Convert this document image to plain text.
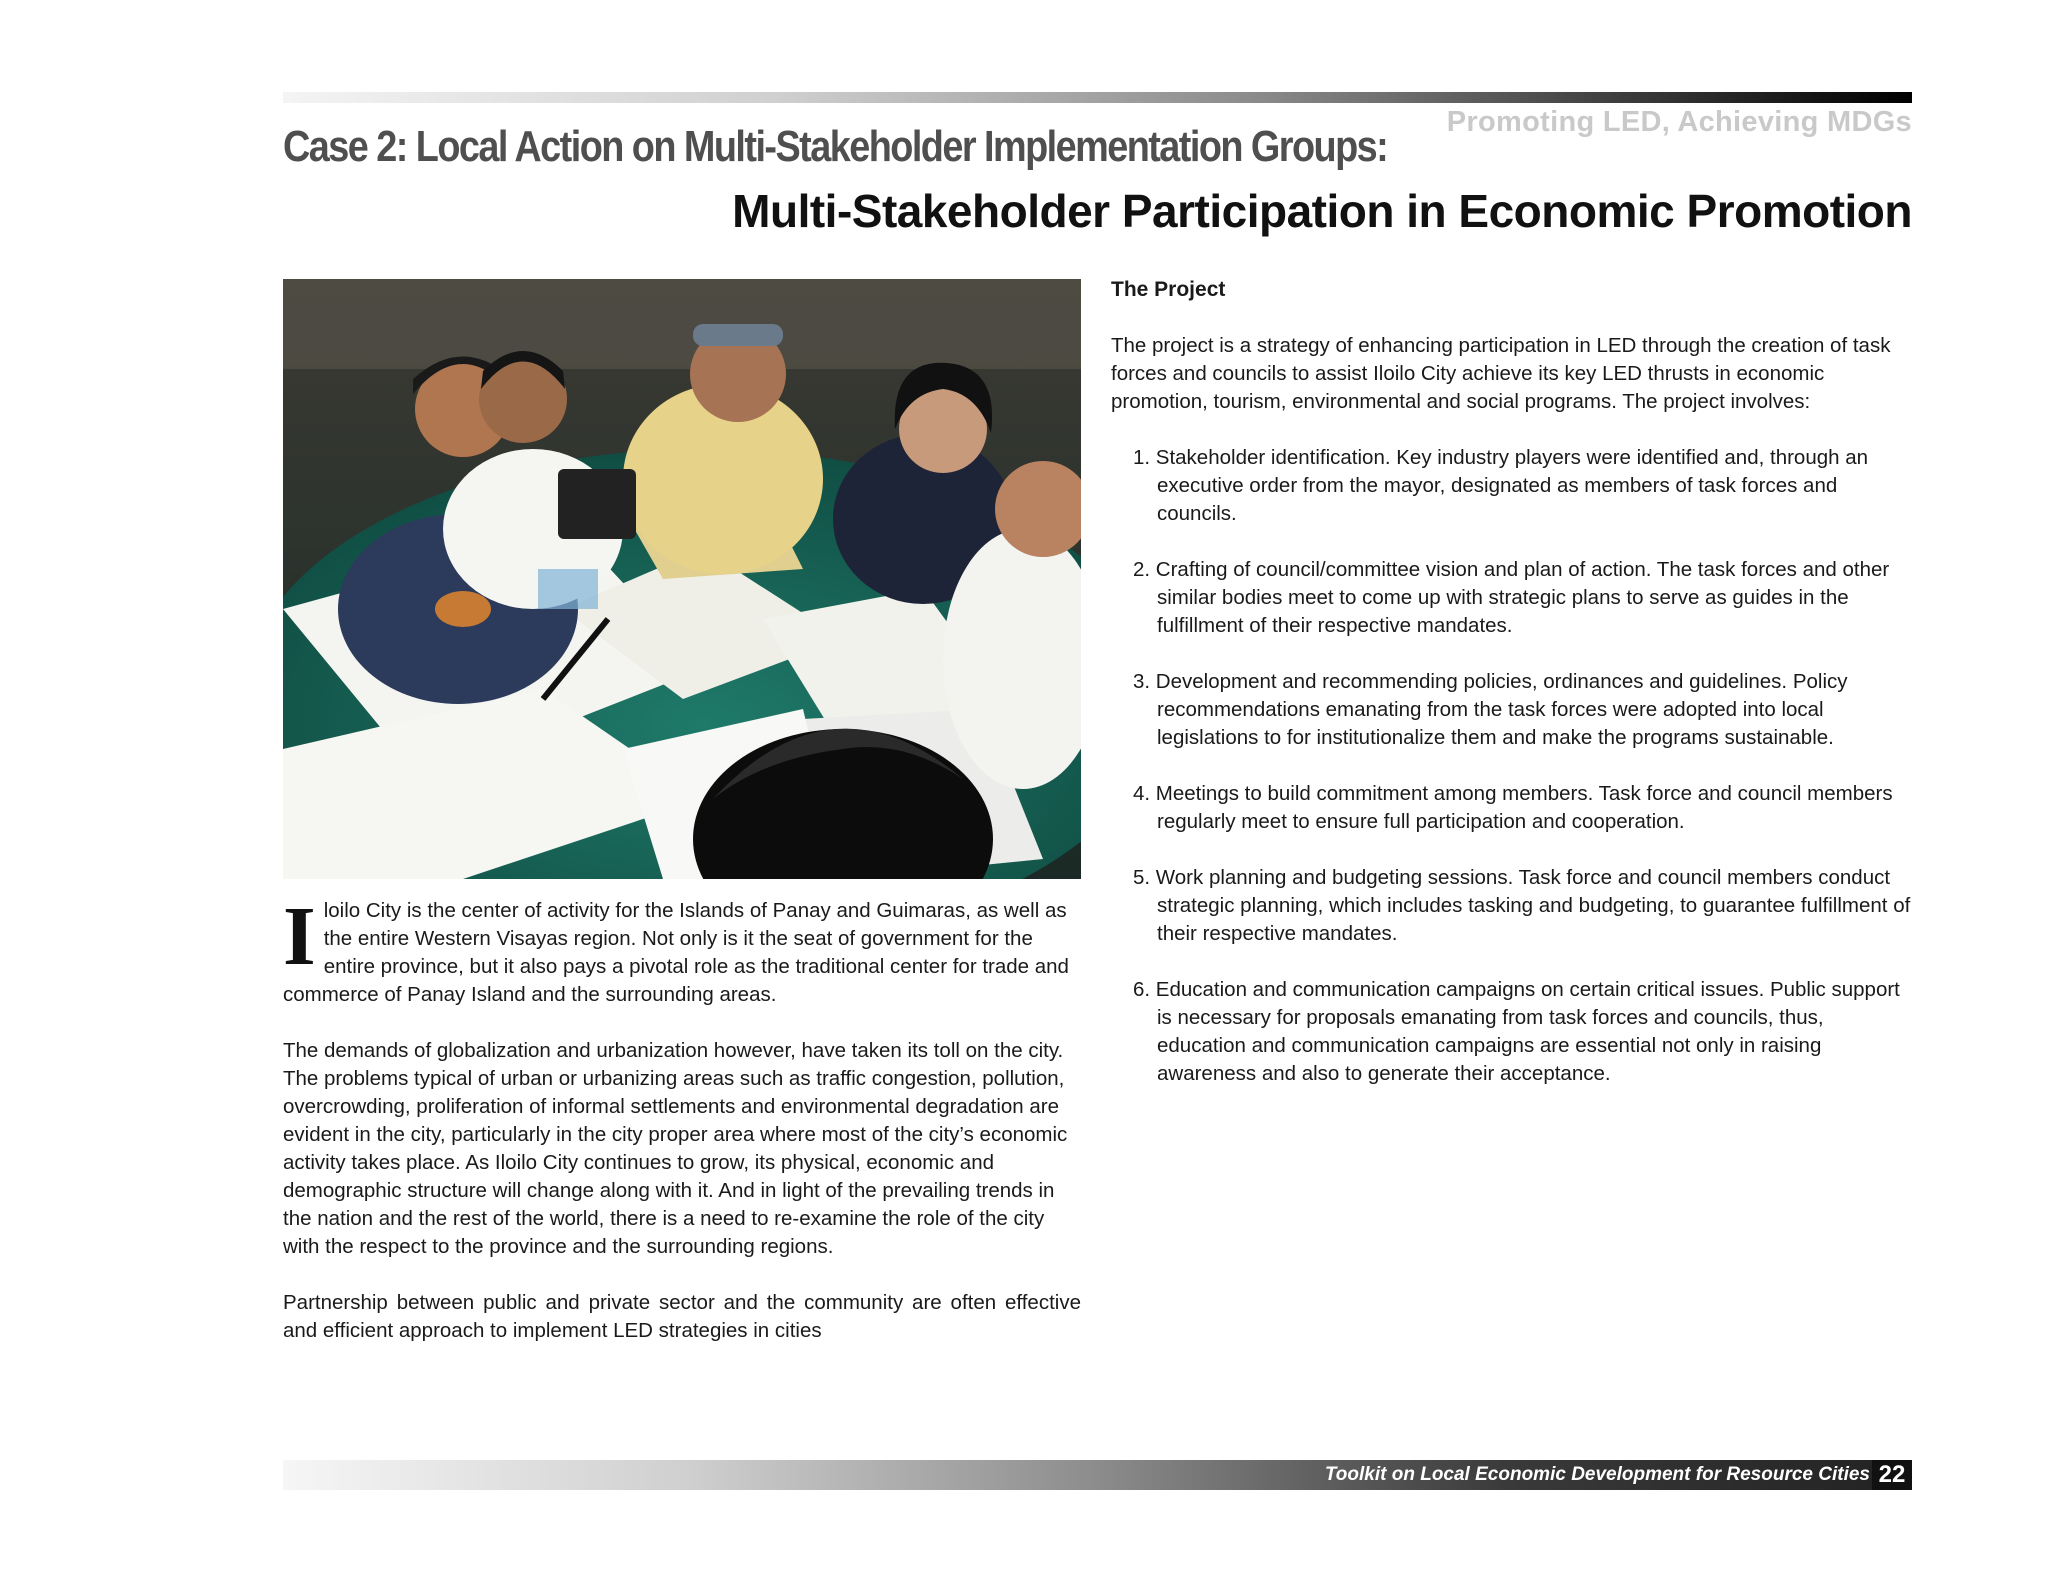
Promoting LED, Achieving MDGs
Case 2: Local Action on Multi-Stakeholder Implementation Groups:
Multi-Stakeholder Participation in Economic Promotion

Iloilo City is the center of activity for the Islands of Panay and Guimaras, as well as the entire Western Visayas region. Not only is it the seat of government for the entire province, but it also pays a pivotal role as the traditional center for trade and commerce of Panay Island and the surrounding areas.

The demands of globalization and urbanization however, have taken its toll on the city. The problems typical of urban or urbanizing areas such as traffic congestion, pollution, overcrowding, proliferation of informal settlements and environmental degradation are evident in the city, particularly in the city proper area where most of the city’s economic activity takes place. As Iloilo City continues to grow, its physical, economic and demographic structure will change along with it. And in light of the prevailing trends in the nation and the rest of the world, there is a need to re-examine the role of the city with the respect to the province and the surrounding regions.

Partnership between public and private sector and the community are often effective and efficient approach to implement LED strategies in cities

The Project

The project is a strategy of enhancing participation in LED through the creation of task forces and councils to assist Iloilo City achieve its key LED thrusts in economic promotion, tourism, environmental and social programs. The project involves:

1. Stakeholder identification. Key industry players were identified and, through an executive order from the mayor, designated as members of task forces and councils.
2. Crafting of council/committee vision and plan of action. The task forces and other similar bodies meet to come up with strategic plans to serve as guides in the fulfillment of their respective mandates.
3. Development and recommending policies, ordinances and guidelines. Policy recommendations emanating from the task forces were adopted into local legislations to for institutionalize them and make the programs sustainable.
4. Meetings to build commitment among members. Task force and council members regularly meet to ensure full participation and cooperation.
5. Work planning and budgeting sessions. Task force and council members conduct strategic planning, which includes tasking and budgeting, to guarantee fulfillment of their respective mandates.
6. Education and communication campaigns on certain critical issues. Public support is necessary for proposals emanating from task forces and councils, thus, education and communication campaigns are essential not only in raising awareness and also to generate their acceptance.
Toolkit on Local Economic Development for Resource Cities 22
